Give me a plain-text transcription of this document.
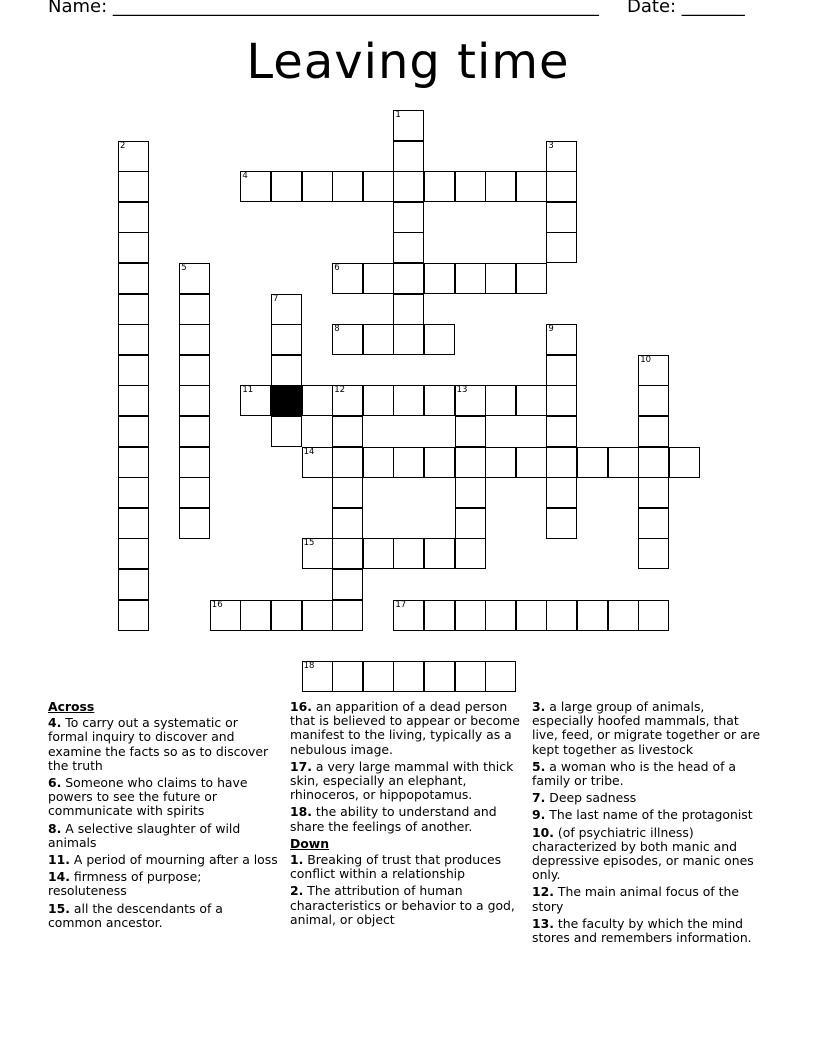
Name: ______________________________________________________ Date: _______
Leaving time
1
2	3
4
5	6
7
8	9
10
11	12	13
14
15
16	17
18
Across
4. To carry out a systematic or formal inquiry to discover and examine the facts so as to discover the truth
6. Someone who claims to have powers to see the future or communicate with spirits
8. A selective slaughter of wild animals
11. A period of mourning after a loss
14. firmness of purpose; resoluteness
15. all the descendants of a common ancestor.
16. an apparition of a dead person that is believed to appear or become manifest to the living, typically as a nebulous image.
17. a very large mammal with thick skin, especially an elephant, rhinoceros, or hippopotamus.
18. the ability to understand and share the feelings of another.
Down
1. Breaking of trust that produces conflict within a relationship
2. The attribution of human characteristics or behavior to a god, animal, or object
3. a large group of animals, especially hoofed mammals, that live, feed, or migrate together or are kept together as livestock
5. a woman who is the head of a family or tribe.
7. Deep sadness
9. The last name of the protagonist
10. (of psychiatric illness) characterized by both manic and depressive episodes, or manic ones only.
12. The main animal focus of the story
13. the faculty by which the mind stores and remembers information.
